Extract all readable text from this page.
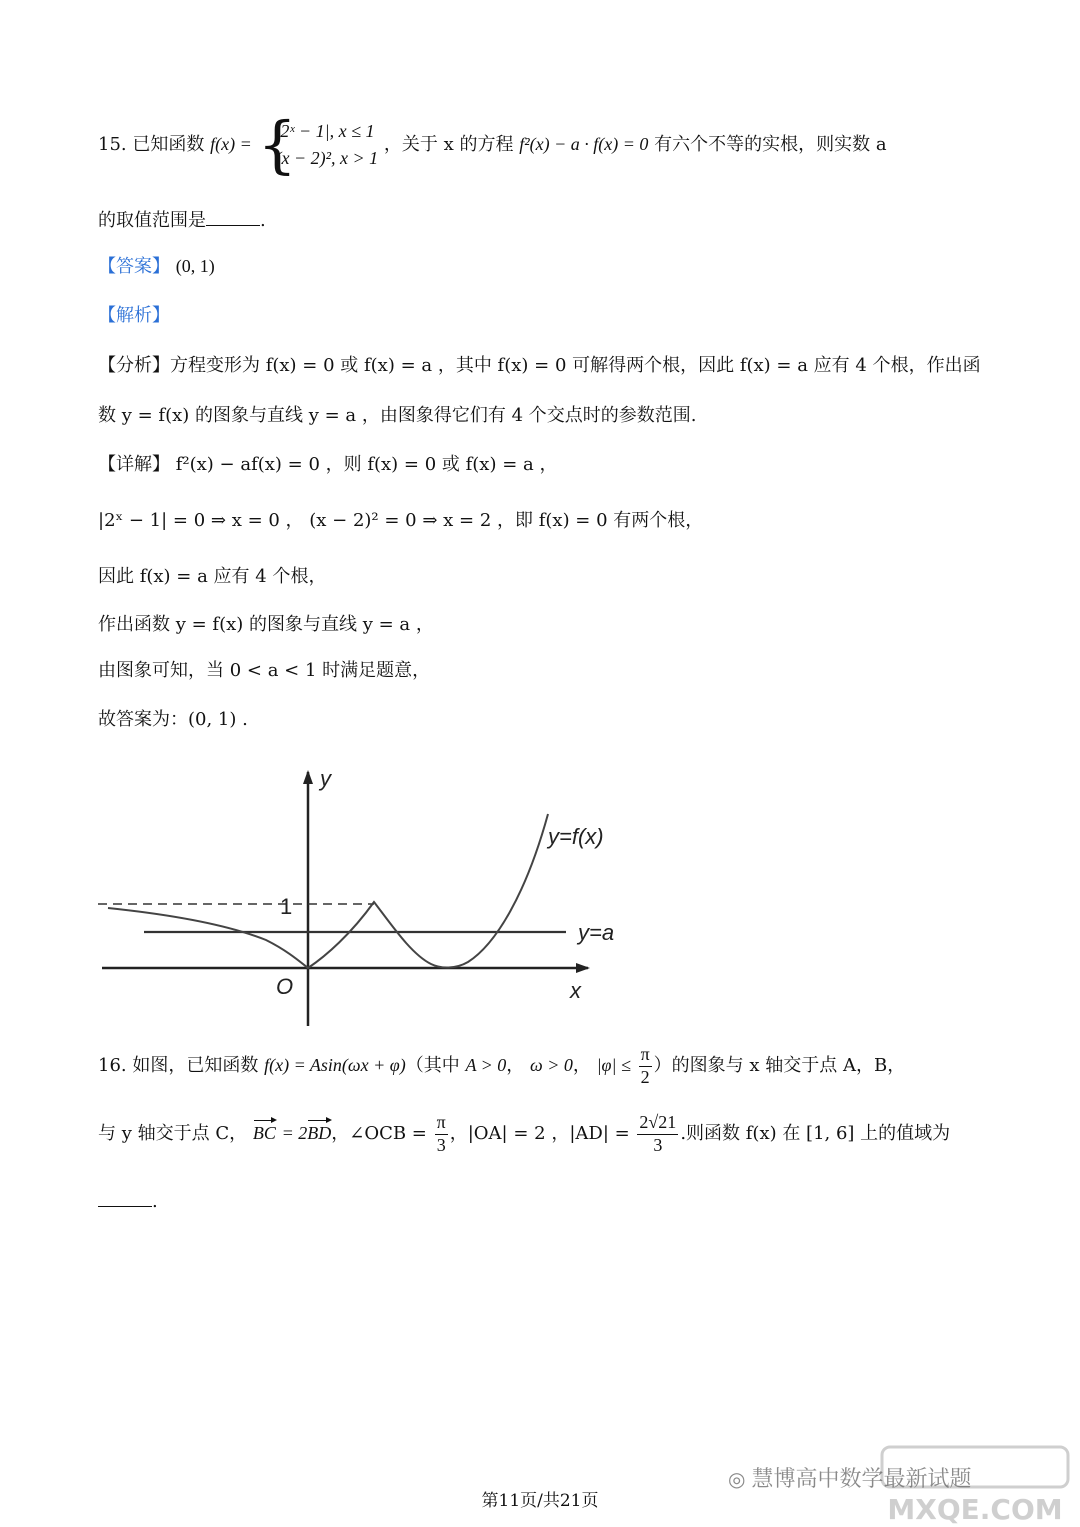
15. 已知函数 f(x) = {
|2ˣ − 1|, x ≤ 1
(x − 2)², x > 1
，关于 x 的方程 f²(x) − a · f(x) = 0 有六个不等的实根，则实数 a
的取值范围是	.
【答案】 (0, 1)
【解析】
【分析】方程变形为 f(x) = 0 或 f(x) = a ，其中 f(x) = 0 可解得两个根，因此 f(x) = a 应有 4 个根，作出函
数 y = f(x) 的图象与直线 y = a ，由图象得它们有 4 个交点时的参数范围.
【详解】 f²(x) − af(x) = 0 ，则 f(x) = 0 或 f(x) = a ，
|2ˣ − 1| = 0 ⇒ x = 0 ， (x − 2)² = 0 ⇒ x = 2 ，即 f(x) = 0 有两个根，
因此 f(x) = a 应有 4 个根，
作出函数 y = f(x) 的图象与直线 y = a ，
由图象可知，当 0 < a < 1 时满足题意，
故答案为：(0, 1) .
y
x
O
1
y=f(x)
y=a
16. 如图，已知函数 f(x) = Asin(ωx + φ)（其中 A > 0， ω > 0， $|\varphi| \le \frac{\pi}{2}$ ）的图象与 x 轴交于点 A，B，
与 y 轴交于点 C， BC = 2BD，∠OCB = $\frac{\pi}{3}$ ，|OA| = 2 ，$|AD| = \frac{2√21}{3}$ .则函数 f(x) 在 [1, 6] 上的值域为
.
◎ 慧博高中数学最新试题
MXQE.COM
第11页/共21页
